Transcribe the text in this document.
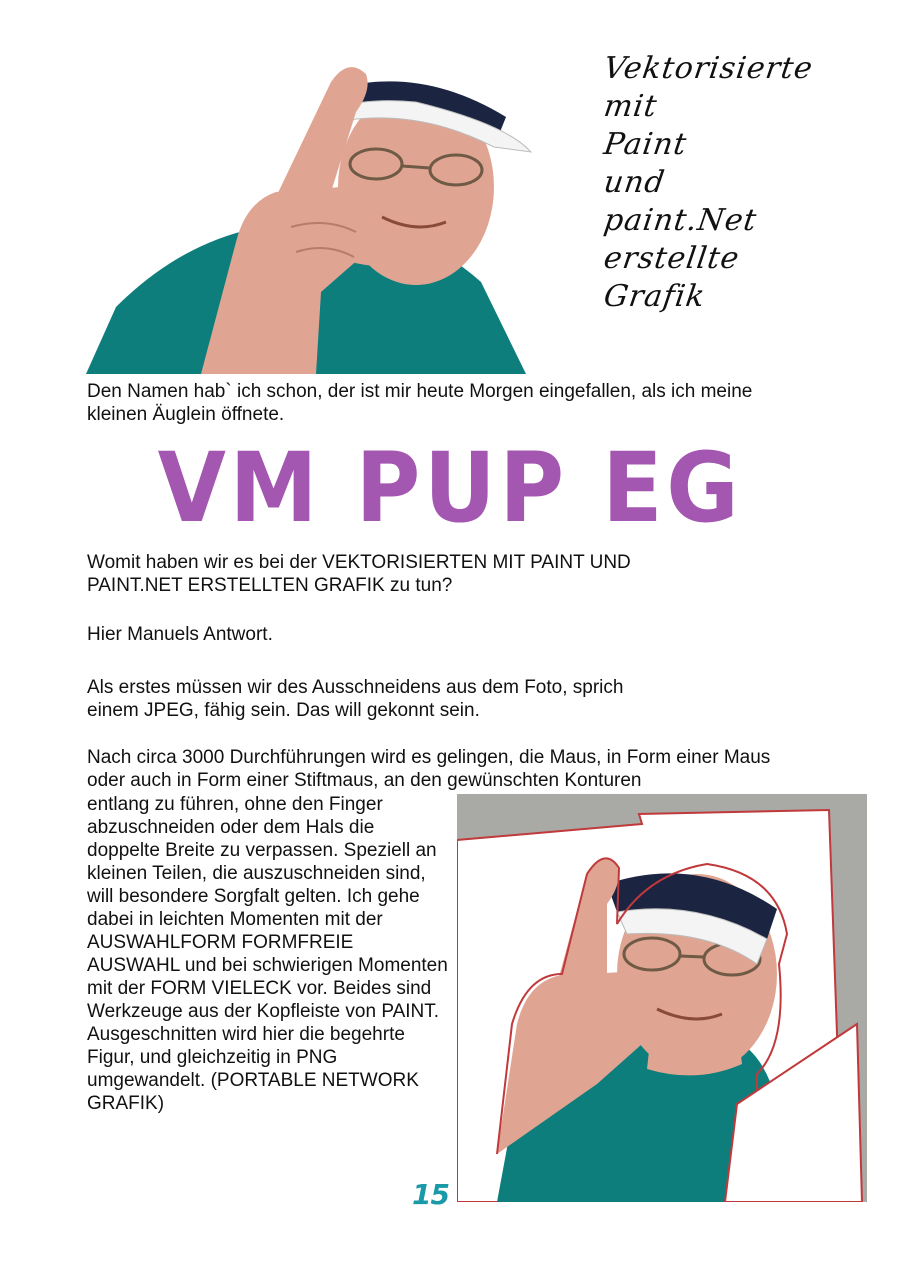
Vektorisierte
mit
Paint
und
paint.Net
erstellte
Grafik

Den Namen hab` ich schon, der ist mir heute Morgen eingefallen, als ich meine kleinen Äuglein öffnete.

VM PUP EG

Womit haben wir es bei der VEKTORISIERTEN MIT PAINT UND PAINT.NET ERSTELLTEN GRAFIK zu tun?

Hier Manuels Antwort.

Als erstes müssen wir des Ausschneidens aus dem Foto, sprich einem JPEG, fähig sein. Das will gekonnt sein.

Nach circa 3000 Durchführungen wird es gelingen, die Maus, in Form einer Maus oder auch in Form einer Stiftmaus, an den gewünschten Konturen

entlang zu führen, ohne den Finger abzuschneiden oder dem Hals die doppelte Breite zu verpassen. Speziell an kleinen Teilen, die auszuschneiden sind, will besondere Sorgfalt gelten. Ich gehe dabei in leichten Momenten mit der AUSWAHLFORM FORMFREIE AUSWAHL und bei schwierigen Momenten mit der FORM VIELECK vor. Beides sind Werkzeuge aus der Kopfleiste von PAINT. Ausgeschnitten wird hier die begehrte Figur, und gleichzeitig in PNG umgewandelt. (PORTABLE NETWORK GRAFIK)

15
